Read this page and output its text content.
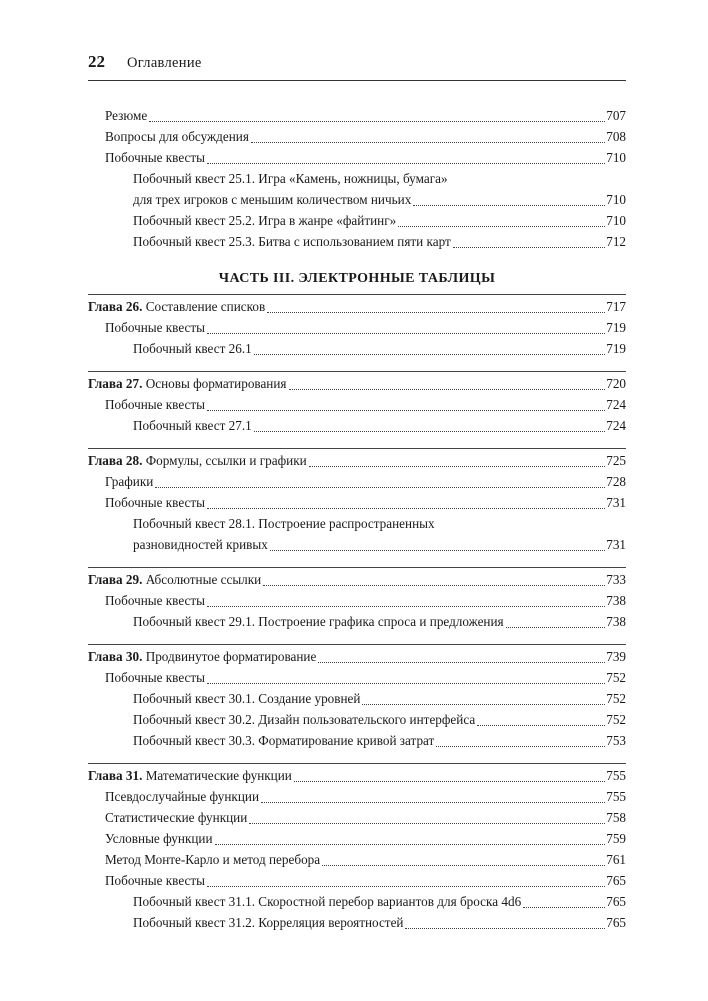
22 Оглавление
Резюме	707
Вопросы для обсуждения	708
Побочные квесты	710
Побочный квест 25.1. Игра «Камень, ножницы, бумага»
для трех игроков с меньшим количеством ничьих	710
Побочный квест 25.2. Игра в жанре «файтинг»	710
Побочный квест 25.3. Битва с использованием пяти карт	712
ЧАСТЬ III. ЭЛЕКТРОННЫЕ ТАБЛИЦЫ
Глава 26. Составление списков	717
Побочные квесты	719
Побочный квест 26.1	719
Глава 27. Основы форматирования	720
Побочные квесты	724
Побочный квест 27.1	724
Глава 28. Формулы, ссылки и графики	725
Графики	728
Побочные квесты	731
Побочный квест 28.1. Построение распространенных
разновидностей кривых	731
Глава 29. Абсолютные ссылки	733
Побочные квесты	738
Побочный квест 29.1. Построение графика спроса и предложения	738
Глава 30. Продвинутое форматирование	739
Побочные квесты	752
Побочный квест 30.1. Создание уровней	752
Побочный квест 30.2. Дизайн пользовательского интерфейса	752
Побочный квест 30.3. Форматирование кривой затрат	753
Глава 31. Математические функции	755
Псевдослучайные функции	755
Статистические функции	758
Условные функции	759
Метод Монте-Карло и метод перебора	761
Побочные квесты	765
Побочный квест 31.1. Скоростной перебор вариантов для броска 4d6	765
Побочный квест 31.2. Корреляция вероятностей	765
